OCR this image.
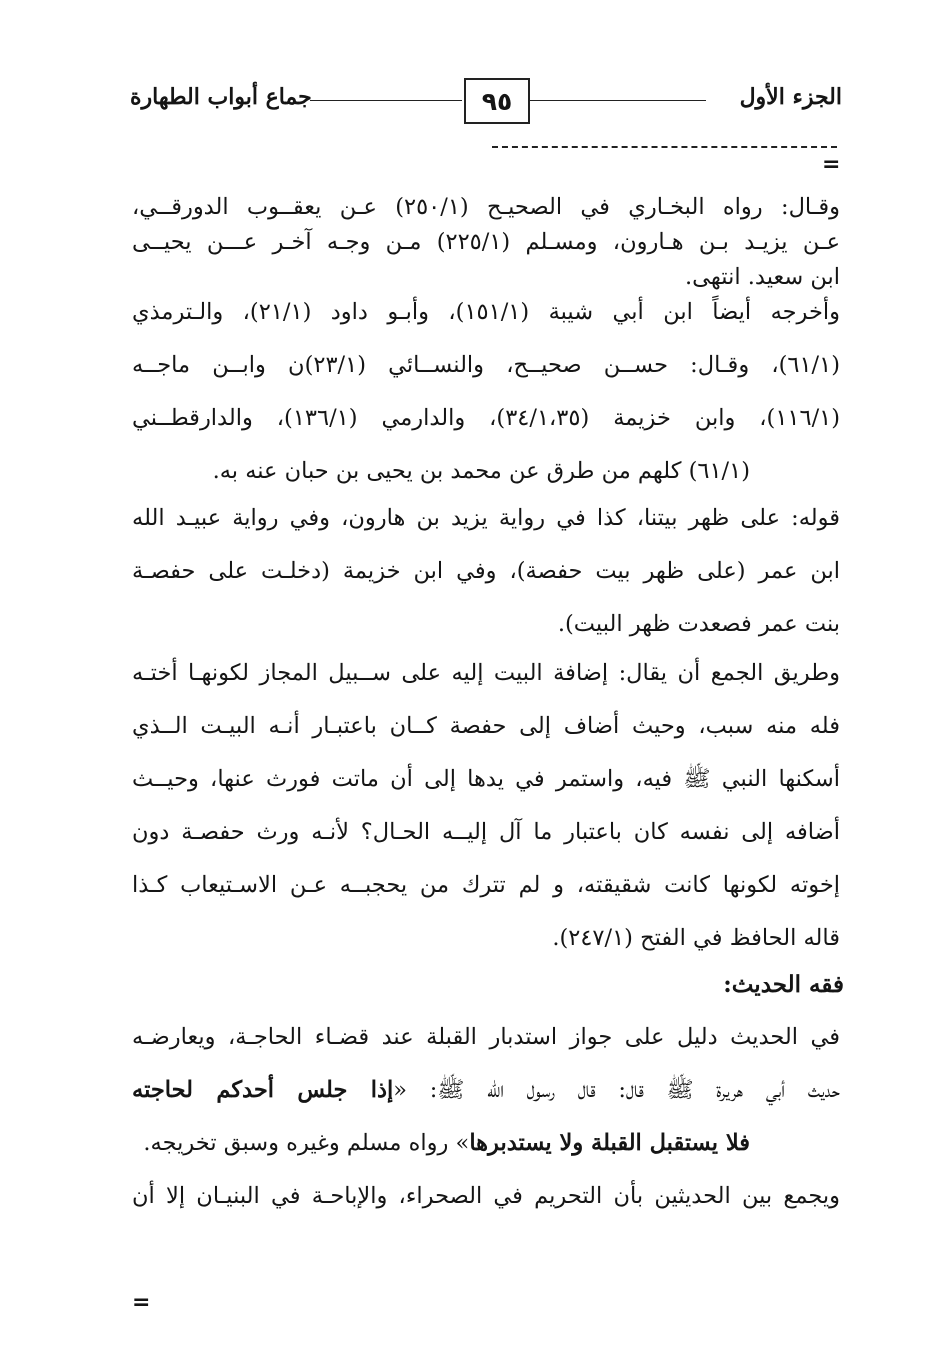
الجزء الأول
٩٥
جماع أبواب الطهارة
=
وقـال: رواه البخـاري في الصحيـح (٢٥٠/١) عـن يعقــوب الدورقــي،
عـن يزيـد بـن هـارون، ومسـلم (٢٢٥/١) مـن وجـه آخـر عـــن يحيــى
ابن سعيد. انتهى.
وأخرجه أيضاً ابن أبي شيبة (١٥١/١)، وأبـو داود (٢١/١)، والـترمذي
(٦١/١)، وقـال: حســن صحيــح، والنســائي (٢٣/١)ن وابــن ماجــه
(١١٦/١)، وابن خزيمة (٣٤/١،٣٥)، والدارمي (١٣٦/١)، والدارقطــني
(٦١/١) كلهم من طرق عن محمد بن يحيى بن حبان عنه به.
قوله: على ظهر بيتنا، كذا في رواية يزيد بن هارون، وفي رواية عبيـد الله
ابن عمر (على ظهر بيت حفصة)، وفي ابن خزيمة (دخلـت على حفصـة
بنت عمر فصعدت ظهر البيت).
وطريق الجمع أن يقال: إضافة البيت إليه على ســبيل المجاز لكونهـا أختـه
فله منه سبب، وحيث أضاف إلى حفصة كــان باعتبـار أنـه البيـت الــذي
أسكنها النبي ﷺ فيه، واستمر في يدها إلى أن ماتت فورث عنها، وحيــث
أضافه إلى نفسه كان باعتبار ما آل إليــه الحـال؟ لأنـه ورث حفصـة دون
إخوته لكونها كانت شقيقته، و لم تترك من يحجبــه عـن الاسـتيعاب كـذا
قاله الحافظ في الفتح (٢٤٧/١).
فقه الحديث:
في الحديث دليل على جواز استدبار القبلة عند قضـاء الحاجـة، ويعارضـه
حديث أبي هريرة ﷺ قال: قال رسول الله ﷺ: «إذا جلس أحدكم لحاجته
فلا يستقبل القبلة ولا يستدبرها» رواه مسلم وغيره وسبق تخريجه.
ويجمع بين الحديثين بأن التحريم في الصحراء، والإباحـة في البنيـان إلا أن
=
